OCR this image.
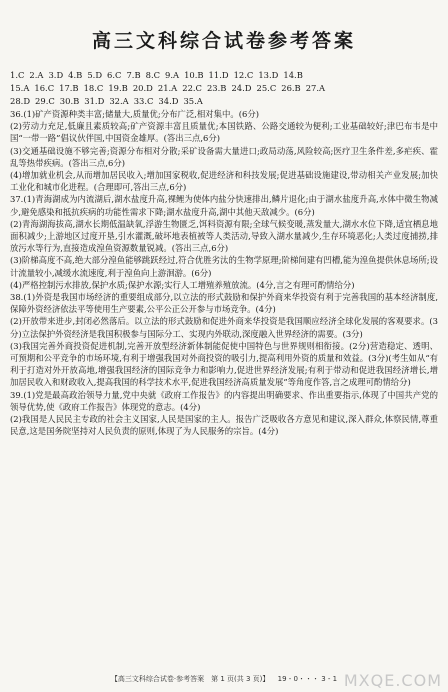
高三文科综合试卷参考答案
1.C 2.A 3.D 4.B 5.D 6.C 7.B 8.C 9.A 10.B 11.D 12.C 13.D 14.B
15.A 16.C 17.B 18.C 19.B 20.D 21.A 22.C 23.B 24.D 25.C 26.B 27.A
28.D 29.C 30.B 31.D 32.A 33.C 34.D 35.A

36.(1)矿产资源种类丰富;储量大,质量优;分布广泛,相对集中。(6分)

(2)劳动力充足,低廉且素质较高;矿产资源丰富且质量优;本国铁路、公路交通较为便利;工业基础较好;津巴布韦是中国“一带一路”倡议伙伴国,中国资金雄厚。(答出三点,6分)

(3)交通基础设施不够完善;资源分布相对分散;采矿设备需大量进口;政局动荡,风险较高;医疗卫生条件差,多疟疾、霍乱等热带疾病。(答出三点,6分)

(4)增加就业机会,从而增加居民收入;增加国家税收,促进经济和科技发展;促进基础设施建设,带动相关产业发展;加快工业化和城市化进程。(合理即可,答出三点,6分)

37.(1)青海湖成为内流湖后,湖水盐度升高,裸鲤为使体内盐分快速排出,鳞片退化;由于湖水盐度升高,水体中微生物减少,避免感染和抵抗疾病的功能性需求下降;湖水盐度升高,湖中其他天敌减少。(6分)

(2)青海湖海拔高,湖水长期低温缺氧,浮游生物匮乏,饵料资源有限;全球气候变暖,蒸发量大,湖水水位下降,适宜栖息地面积减少;上游地区过度开垦,引水灌溉,破坏地表植被等人类活动,导致入湖水量减少,生存环境恶化;人类过度捕捞,排放污水等行为,直接造成湟鱼资源数量锐减。(答出三点,6分)

(3)阶梯高度不高,绝大部分湟鱼能够跳跃经过,符合优胜劣汰的生物学原理;阶梯间建有凹槽,能为湟鱼提供休息场所;设计流量较小,减缓水流速度,利于湟鱼向上游洄游。(6分)

(4)严格控制污水排放,保护水质;保护水源;实行人工增殖养殖放流。(4分,言之有理可酌情给分)

38.(1)外资是我国市场经济的重要组成部分,以立法的形式鼓励和保护外商来华投资有利于完善我国的基本经济制度,保障外资经济依法平等使用生产要素,公平公正公开参与市场竞争。(4分)

(2)开放带来进步,封闭必然落后。以立法的形式鼓励和促进外商来华投资是我国顺应经济全球化发展的客观要求。(3分)立法保护外资经济是我国积极参与国际分工、实现内外联动,深度融入世界经济的需要。(3分)

(3)我国完善外商投资促进机制,完善开放型经济新体制能促使中国特色与世界规则相衔接。(2分)营造稳定、透明、可预期和公平竞争的市场环境,有利于增强我国对外商投资的吸引力,提高利用外资的质量和效益。(3分)(考生如从“有利于打造对外开放高地,增强我国经济的国际竞争力和影响力,促进世界经济发展;有利于带动和促进我国经济增长,增加居民收入和财政收入,提高我国的科学技术水平,促进我国经济高质量发展”等角度作答,言之成理可酌情给分)

39.(1)党是最高政治领导力量,党中央就《政府工作报告》的内容提出明确要求、作出重要指示,体现了中国共产党的领导优势,使《政府工作报告》体现党的意志。(4分)

(2)我国是人民民主专政的社会主义国家,人民是国家的主人。报告广泛吸收各方意见和建议,深入群众,体察民情,尊重民意,这是国务院坚持对人民负责的原则,体现了为人民服务的宗旨。(4分)

【高三文科综合试卷·参考答案　第 1 页(共 3 页)】 19 - 0・・・ 3 - 1 MXQE.COM
